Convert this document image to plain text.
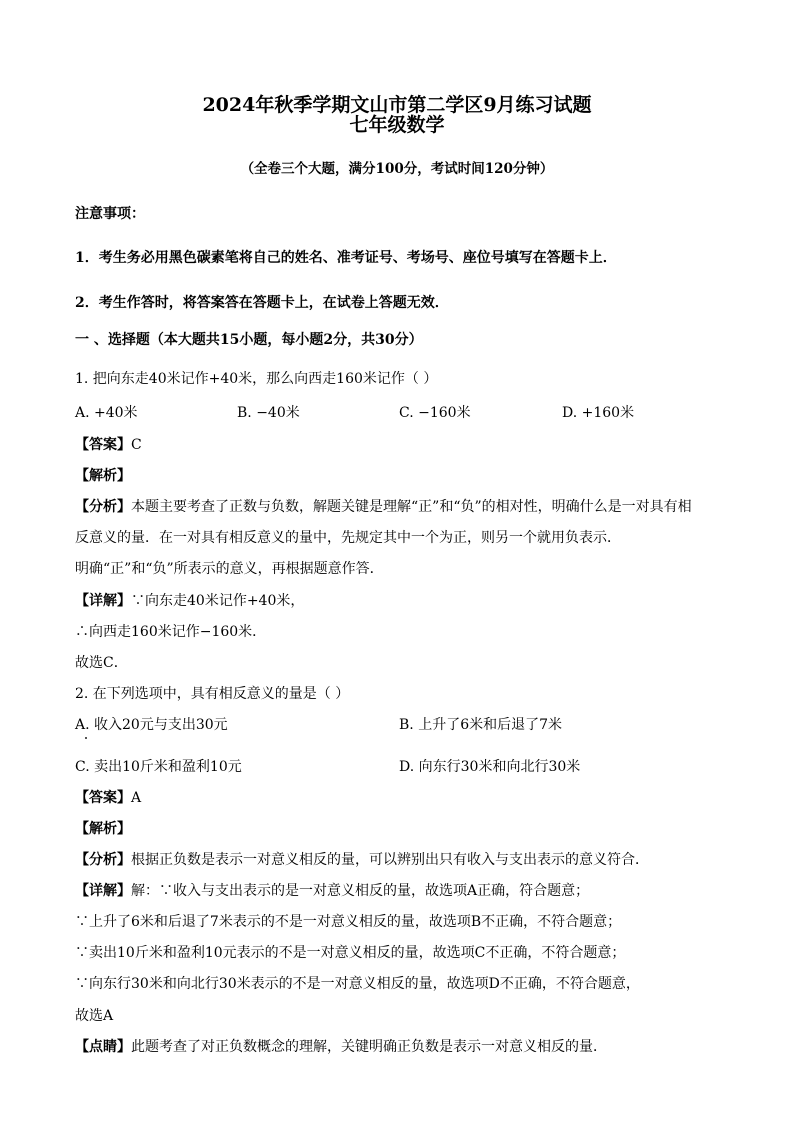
2024年秋季学期文山市第二学区9月练习试题
七年级数学
（全卷三个大题，满分100分，考试时间120分钟）
注意事项：
1．考生务必用黑色碳素笔将自己的姓名、准考证号、考场号、座位号填写在答题卡上．
2．考生作答时，将答案答在答题卡上，在试卷上答题无效．
一 、选择题（本大题共15小题，每小题2分，共30分）
1. 把向东走40米记作+40米，那么向西走160米记作（ ）
A. +40米	B. −40米	C. −160米	D. +160米
【答案】C
【解析】
【分析】本题主要考查了正数与负数，解题关键是理解“正”和“负”的相对性，明确什么是一对具有相
反意义的量．在一对具有相反意义的量中，先规定其中一个为正，则另一个就用负表示．
明确“正”和“负”所表示的意义，再根据题意作答．
【详解】∵向东走40米记作+40米，
∴向西走160米记作−160米．
故选C．
2. 在下列选项中，具有相反意义的量是（ ）
A. 收入20元与支出30元	B. 上升了6米和后退了7米
C. 卖出10斤米和盈利10元	D. 向东行30米和向北行30米
【答案】A
【解析】
【分析】根据正负数是表示一对意义相反的量，可以辨别出只有收入与支出表示的意义符合．
【详解】解：∵收入与支出表示的是一对意义相反的量，故选项A正确，符合题意；
∵上升了6米和后退了7米表示的不是一对意义相反的量，故选项B不正确，不符合题意；
∵卖出10斤米和盈利10元表示的不是一对意义相反的量，故选项C不正确，不符合题意；
∵向东行30米和向北行30米表示的不是一对意义相反的量，故选项D不正确，不符合题意，
故选A
【点睛】此题考查了对正负数概念的理解，关键明确正负数是表示一对意义相反的量．
